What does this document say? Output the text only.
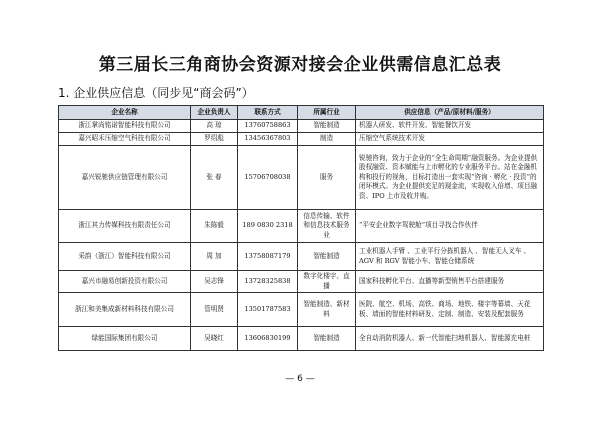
第三届长三角商协会资源对接会企业供需信息汇总表
1. 企业供应信息（同步见“商会码”）
企业名称	企业负责人	联系方式	所属行业	供应信息（产品/原材料/服务）
浙江掌尚铭诺智能科技有限公司	高 琼	13760758863	智能制造	机器人研发、软件开发、智能餐饮开发
嘉兴昭禾压缩空气科技有限公司	罗绍彪	13456367803	制造	压缩空气系统技术开发
嘉兴锐驰供应链管理有限公司	张 春	15706708038	服务	锐驰咨询，致力于企业的“全生命周期”融资服务。为企业提供股权融资、资本赋能与上市孵化的专业服务平台。站在金融机构和投行的视角，目标打造出一套实现“咨询 · 孵化 · 投资”的闭环模式。为企业提供充足的现金流，实现收入倍增、项目融资、IPO 上市及收并购。
浙江其力传媒科技有限责任公司	朱陈毅	189 0830 2318	信息传输、软件和信息技术服务业	“平安企业数字驾驶舱”项目寻找合作伙伴
采韵（浙江）智能科技有限公司	周 加	13758087179	智能制造	工业机器人手臂 、工业平行分拣机器人 、智能无人叉车 、AGV 和 RGV 智能小车、智能仓储系统
嘉兴市融易创新投资有限公司	吴志锋	13728325838	数字化楼宇、直播	国家科技孵化平台、直播等新型销售平台搭建服务
浙江和美集成新材料科技有限公司	管明贤	13501787583	智能制造、新材料	医院、航空、机场、高铁、商场、地铁、楼宇等幕墙、天花板、墙面的智能材料研发、定制、制造、安装及配套服务
绿能国际集团有限公司	吴晓红	13606830199	智能制造	全自动消防机器人、新一代智能扫地机器人、智能源充电桩
— 6 —
